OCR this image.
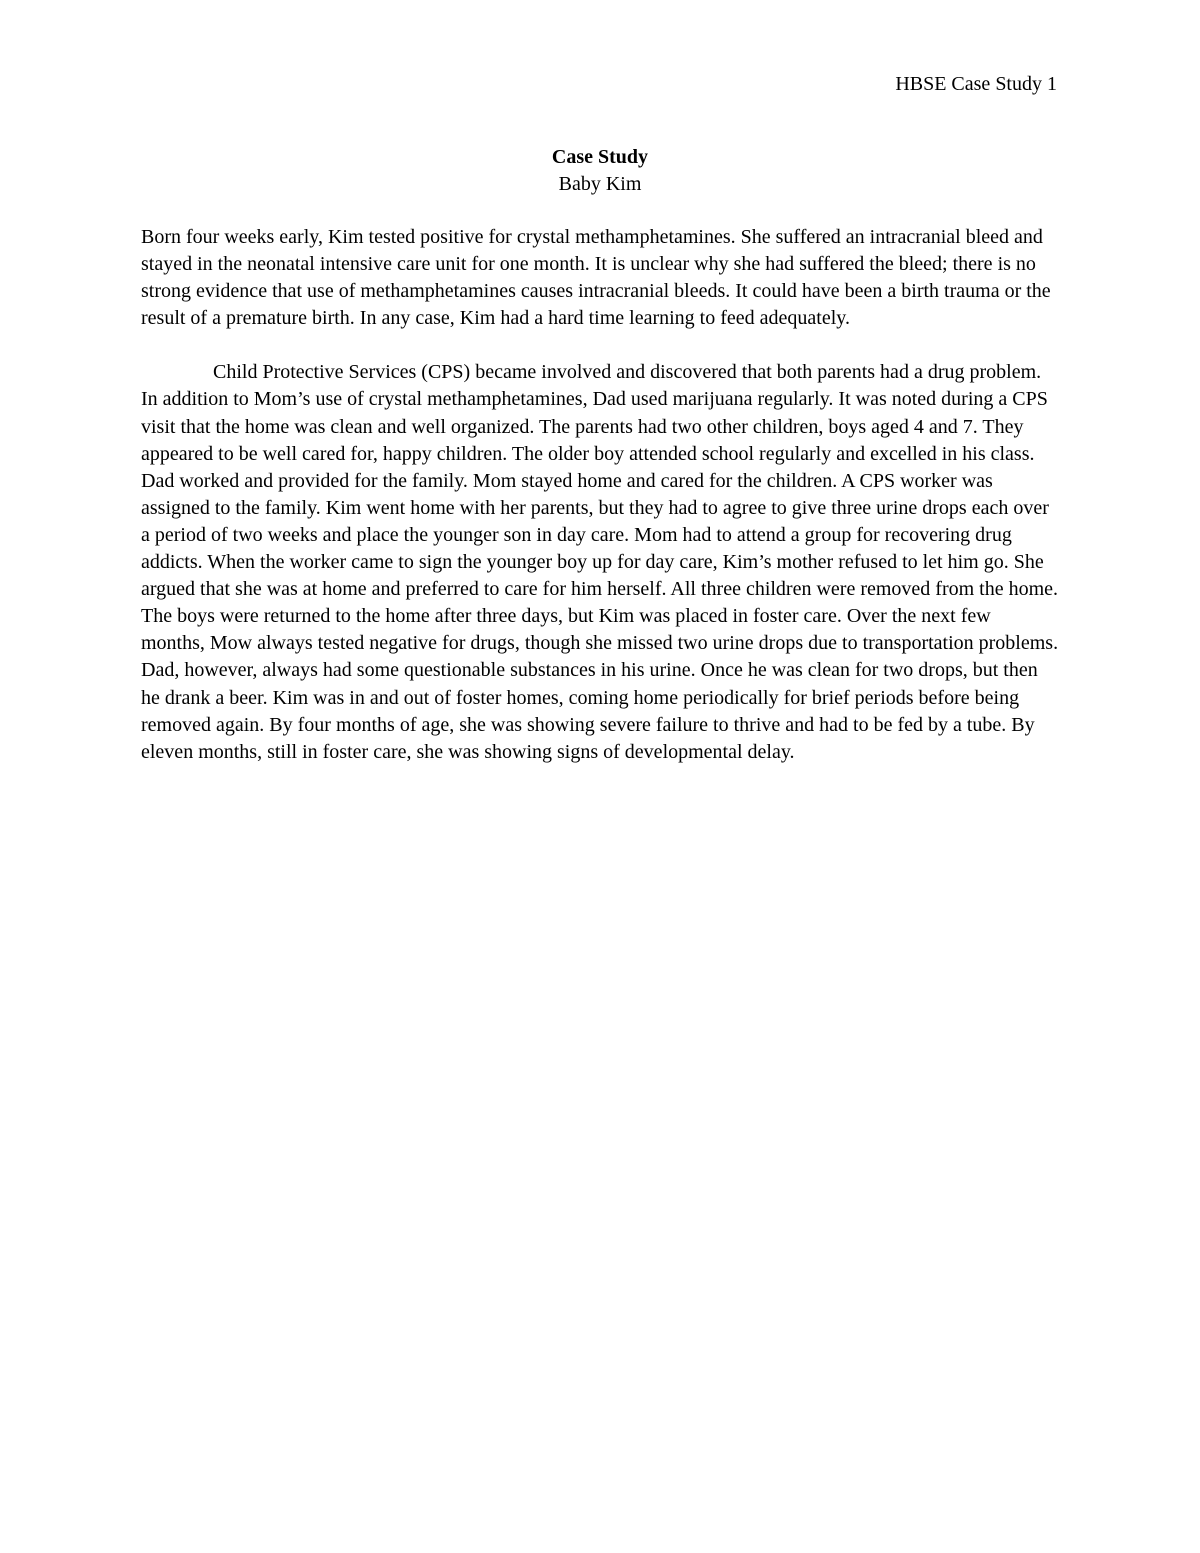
HBSE Case Study 1

Case Study

Baby Kim

Born four weeks early, Kim tested positive for crystal methamphetamines. She suffered an intracranial bleed and stayed in the neonatal intensive care unit for one month. It is unclear why she had suffered the bleed; there is no strong evidence that use of methamphetamines causes intracranial bleeds. It could have been a birth trauma or the result of a premature birth. In any case, Kim had a hard time learning to feed adequately.

Child Protective Services (CPS) became involved and discovered that both parents had a drug problem. In addition to Mom’s use of crystal methamphetamines, Dad used marijuana regularly. It was noted during a CPS visit that the home was clean and well organized. The parents had two other children, boys aged 4 and 7. They appeared to be well cared for, happy children. The older boy attended school regularly and excelled in his class. Dad worked and provided for the family. Mom stayed home and cared for the children. A CPS worker was assigned to the family. Kim went home with her parents, but they had to agree to give three urine drops each over a period of two weeks and place the younger son in day care. Mom had to attend a group for recovering drug addicts. When the worker came to sign the younger boy up for day care, Kim’s mother refused to let him go. She argued that she was at home and preferred to care for him herself. All three children were removed from the home. The boys were returned to the home after three days, but Kim was placed in foster care. Over the next few months, Mow always tested negative for drugs, though she missed two urine drops due to transportation problems. Dad, however, always had some questionable substances in his urine. Once he was clean for two drops, but then he drank a beer. Kim was in and out of foster homes, coming home periodically for brief periods before being removed again. By four months of age, she was showing severe failure to thrive and had to be fed by a tube. By eleven months, still in foster care, she was showing signs of developmental delay.
